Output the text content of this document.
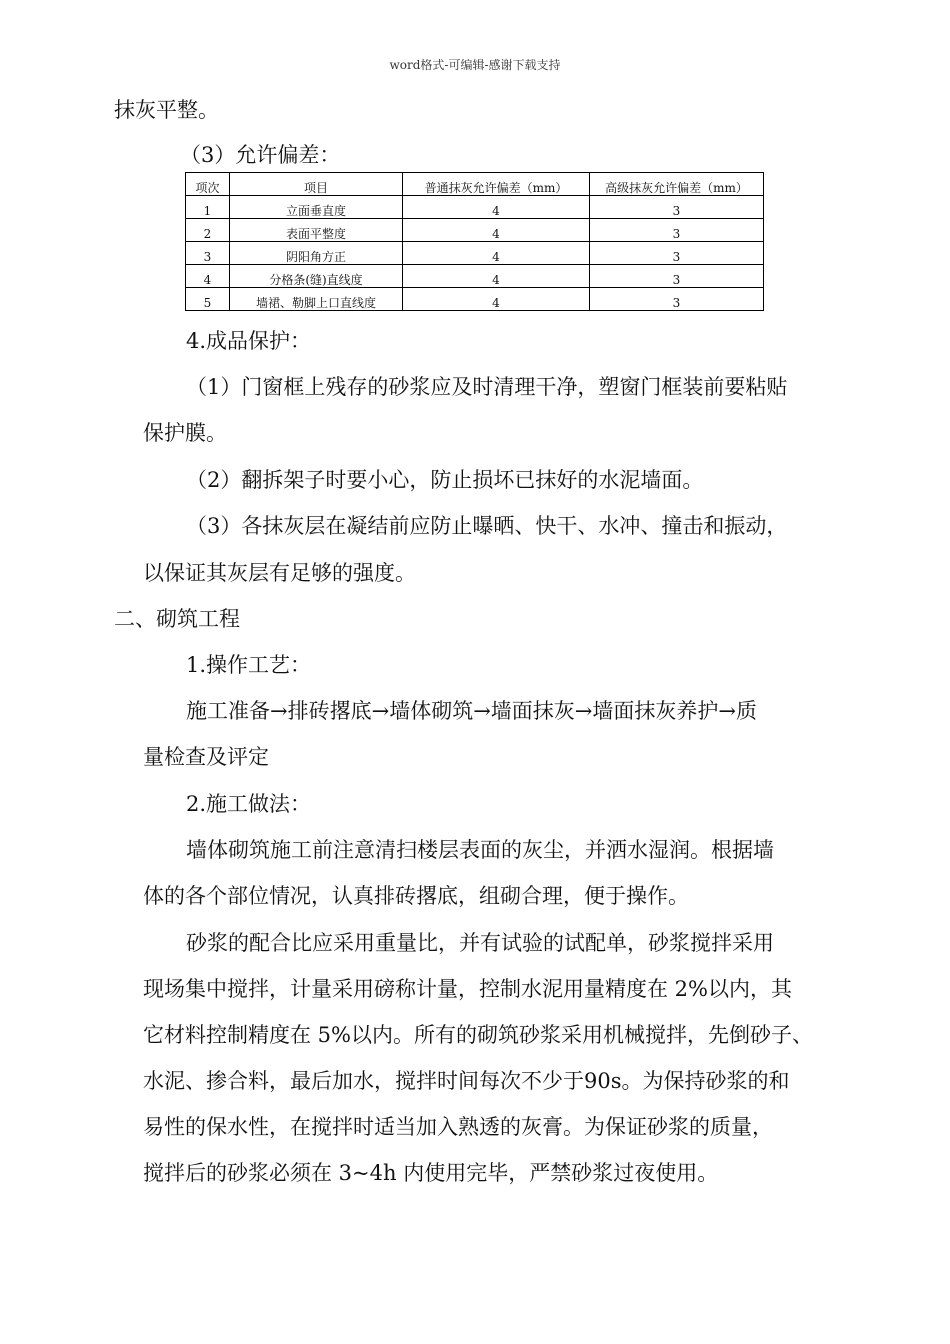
word格式-可编辑-感谢下载支持
抹灰平整。
（3）允许偏差：
项次	项目	普通抹灰允许偏差（mm）	高级抹灰允许偏差（mm）
1	立面垂直度	4	3
2	表面平整度	4	3
3	阴阳角方正	4	3
4	分格条(缝)直线度	4	3
5	墙裙、勒脚上口直线度	4	3
4.成品保护：
（1）门窗框上残存的砂浆应及时清理干净，塑窗门框装前要粘贴
保护膜。
（2）翻拆架子时要小心，防止损坏已抹好的水泥墙面。
（3）各抹灰层在凝结前应防止曝晒、快干、水冲、撞击和振动，
以保证其灰层有足够的强度。
二、砌筑工程
1.操作工艺：
施工准备→排砖撂底→墙体砌筑→墙面抹灰→墙面抹灰养护→质
量检查及评定
2.施工做法：
墙体砌筑施工前注意清扫楼层表面的灰尘，并洒水湿润。根据墙
体的各个部位情况，认真排砖撂底，组砌合理，便于操作。
砂浆的配合比应采用重量比，并有试验的试配单，砂浆搅拌采用
现场集中搅拌，计量采用磅称计量，控制水泥用量精度在 2%以内，其
它材料控制精度在 5%以内。所有的砌筑砂浆采用机械搅拌，先倒砂子、
水泥、掺合料，最后加水，搅拌时间每次不少于90s。为保持砂浆的和
易性的保水性，在搅拌时适当加入熟透的灰膏。为保证砂浆的质量，
搅拌后的砂浆必须在 3~4h 内使用完毕，严禁砂浆过夜使用。
